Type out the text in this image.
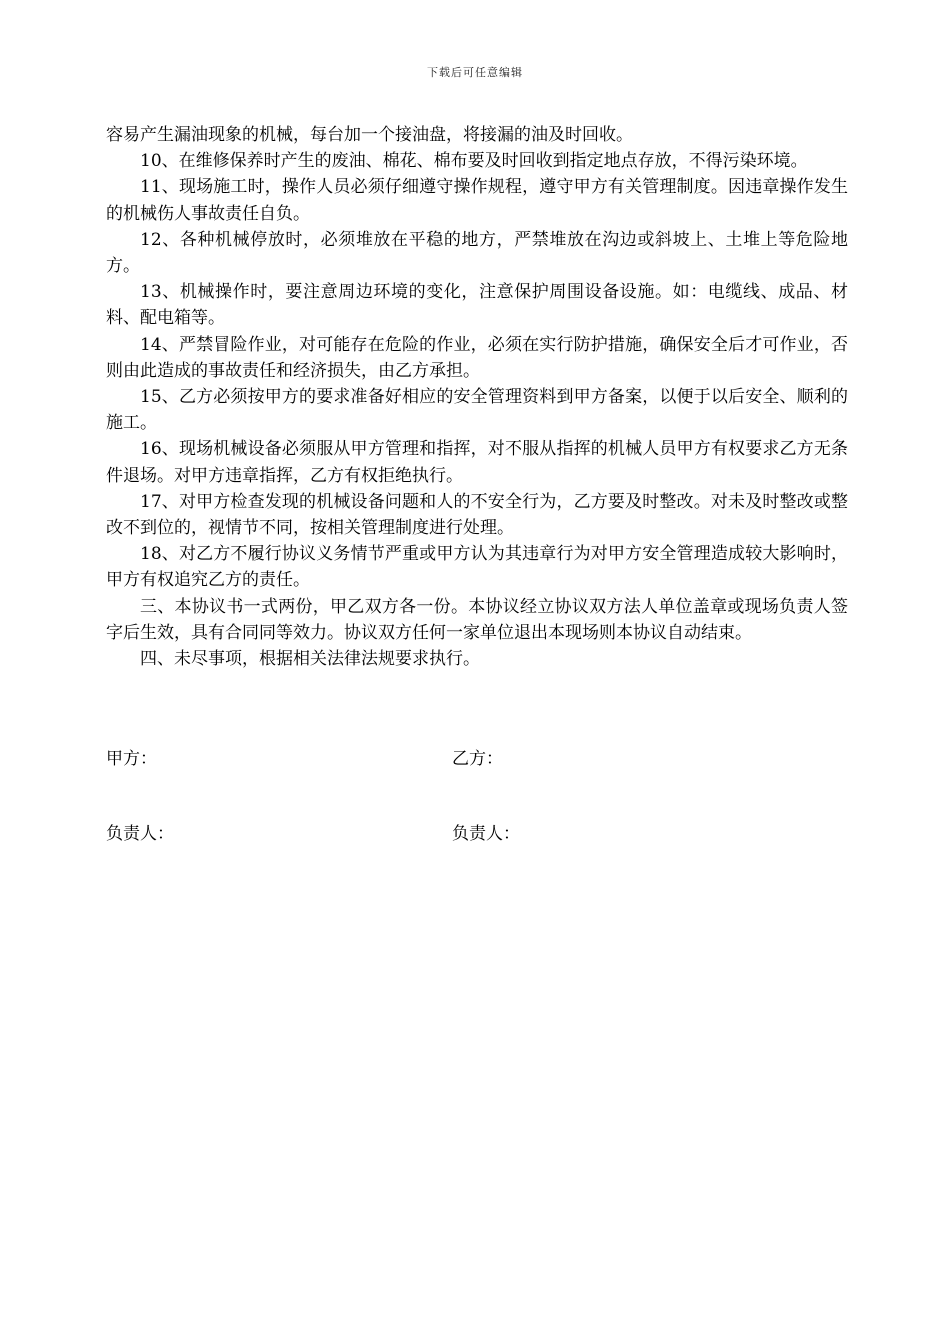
下载后可任意编辑

容易产生漏油现象的机械，每台加一个接油盘，将接漏的油及时回收。

10、在维修保养时产生的废油、棉花、棉布要及时回收到指定地点存放，不得污染环境。

11、现场施工时，操作人员必须仔细遵守操作规程，遵守甲方有关管理制度。因违章操作发生的机械伤人事故责任自负。

12、各种机械停放时，必须堆放在平稳的地方，严禁堆放在沟边或斜坡上、土堆上等危险地方。

13、机械操作时，要注意周边环境的变化，注意保护周围设备设施。如：电缆线、成品、材料、配电箱等。

14、严禁冒险作业，对可能存在危险的作业，必须在实行防护措施，确保安全后才可作业，否则由此造成的事故责任和经济损失，由乙方承担。

15、乙方必须按甲方的要求准备好相应的安全管理资料到甲方备案，以便于以后安全、顺利的施工。

16、现场机械设备必须服从甲方管理和指挥，对不服从指挥的机械人员甲方有权要求乙方无条件退场。对甲方违章指挥，乙方有权拒绝执行。

17、对甲方检查发现的机械设备问题和人的不安全行为，乙方要及时整改。对未及时整改或整改不到位的，视情节不同，按相关管理制度进行处理。

18、对乙方不履行协议义务情节严重或甲方认为其违章行为对甲方安全管理造成较大影响时，甲方有权追究乙方的责任。

三、本协议书一式两份，甲乙双方各一份。本协议经立协议双方法人单位盖章或现场负责人签字后生效，具有合同同等效力。协议双方任何一家单位退出本现场则本协议自动结束。

四、未尽事项，根据相关法律法规要求执行。

甲方：	乙方：
负责人：	负责人：
